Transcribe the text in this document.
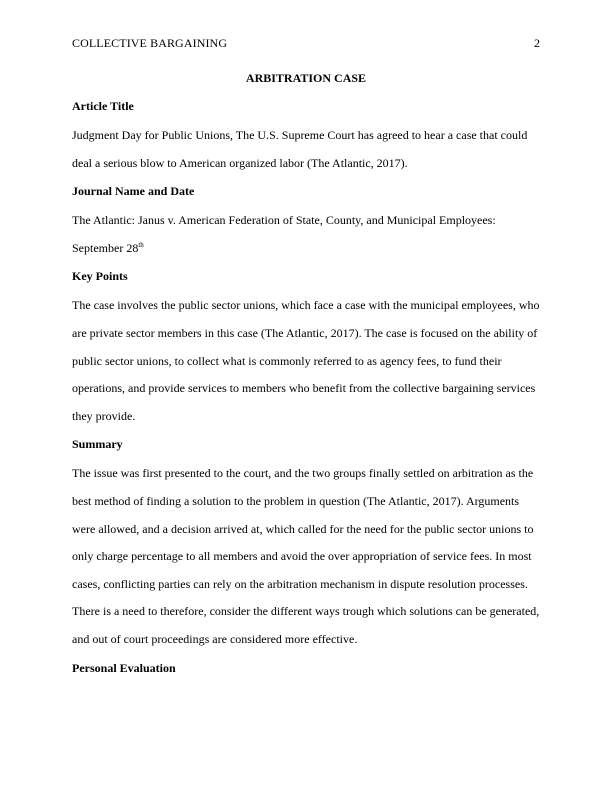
COLLECTIVE BARGAINING	2

ARBITRATION CASE

Article Title

Judgment Day for Public Unions, The U.S. Supreme Court has agreed to hear a case that could deal a serious blow to American organized labor (The Atlantic, 2017).

Journal Name and Date

The Atlantic: Janus v. American Federation of State, County, and Municipal Employees: September 28th

Key Points

The case involves the public sector unions, which face a case with the municipal employees, who are private sector members in this case (The Atlantic, 2017). The case is focused on the ability of public sector unions, to collect what is commonly referred to as agency fees, to fund their operations, and provide services to members who benefit from the collective bargaining services they provide.

Summary

The issue was first presented to the court, and the two groups finally settled on arbitration as the best method of finding a solution to the problem in question (The Atlantic, 2017). Arguments were allowed, and a decision arrived at, which called for the need for the public sector unions to only charge percentage to all members and avoid the over appropriation of service fees. In most cases, conflicting parties can rely on the arbitration mechanism in dispute resolution processes. There is a need to therefore, consider the different ways trough which solutions can be generated, and out of court proceedings are considered more effective.

Personal Evaluation
